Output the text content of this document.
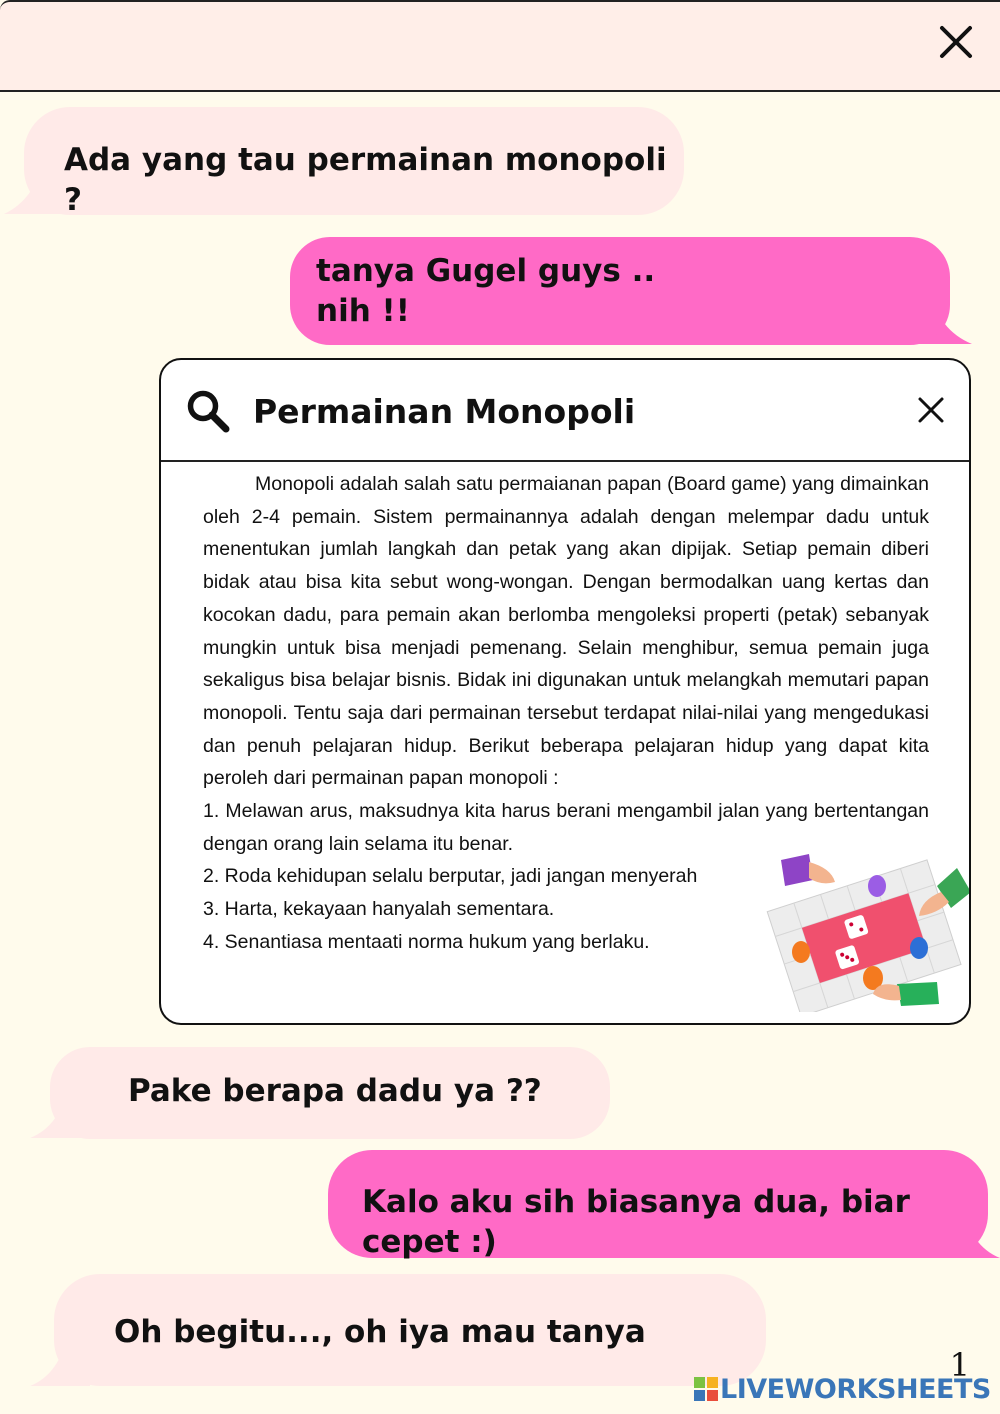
Ada yang tau permainan monopoli ?
tanya Gugel guys ..
nih !!
Permainan Monopoli

Monopoli adalah salah satu permaianan papan (Board game) yang dimainkan oleh 2-4 pemain. Sistem permainannya adalah dengan melempar dadu untuk menentukan jumlah langkah dan petak yang akan dipijak. Setiap pemain diberi bidak atau bisa kita sebut wong-wongan. Dengan bermodalkan uang kertas dan kocokan dadu, para pemain akan berlomba mengoleksi properti (petak) sebanyak mungkin untuk bisa menjadi pemenang. Selain menghibur, semua pemain juga sekaligus bisa belajar bisnis. Bidak ini digunakan untuk melangkah memutari papan monopoli. Tentu saja dari permainan tersebut terdapat nilai-nilai yang mengedukasi dan penuh pelajaran hidup. Berikut beberapa pelajaran hidup yang dapat kita peroleh dari permainan papan monopoli :

1. Melawan arus, maksudnya kita harus berani mengambil jalan yang bertentangan dengan orang lain selama itu benar.

2. Roda kehidupan selalu berputar, jadi jangan menyerah

3. Harta, kekayaan hanyalah sementara.

4. Senantiasa mentaati norma hukum yang berlaku.

Pake berapa dadu ya ??
Kalo aku sih biasanya dua, biar cepet :)
Oh begitu..., oh iya mau tanya
1
LIVEWORKSHEETS
